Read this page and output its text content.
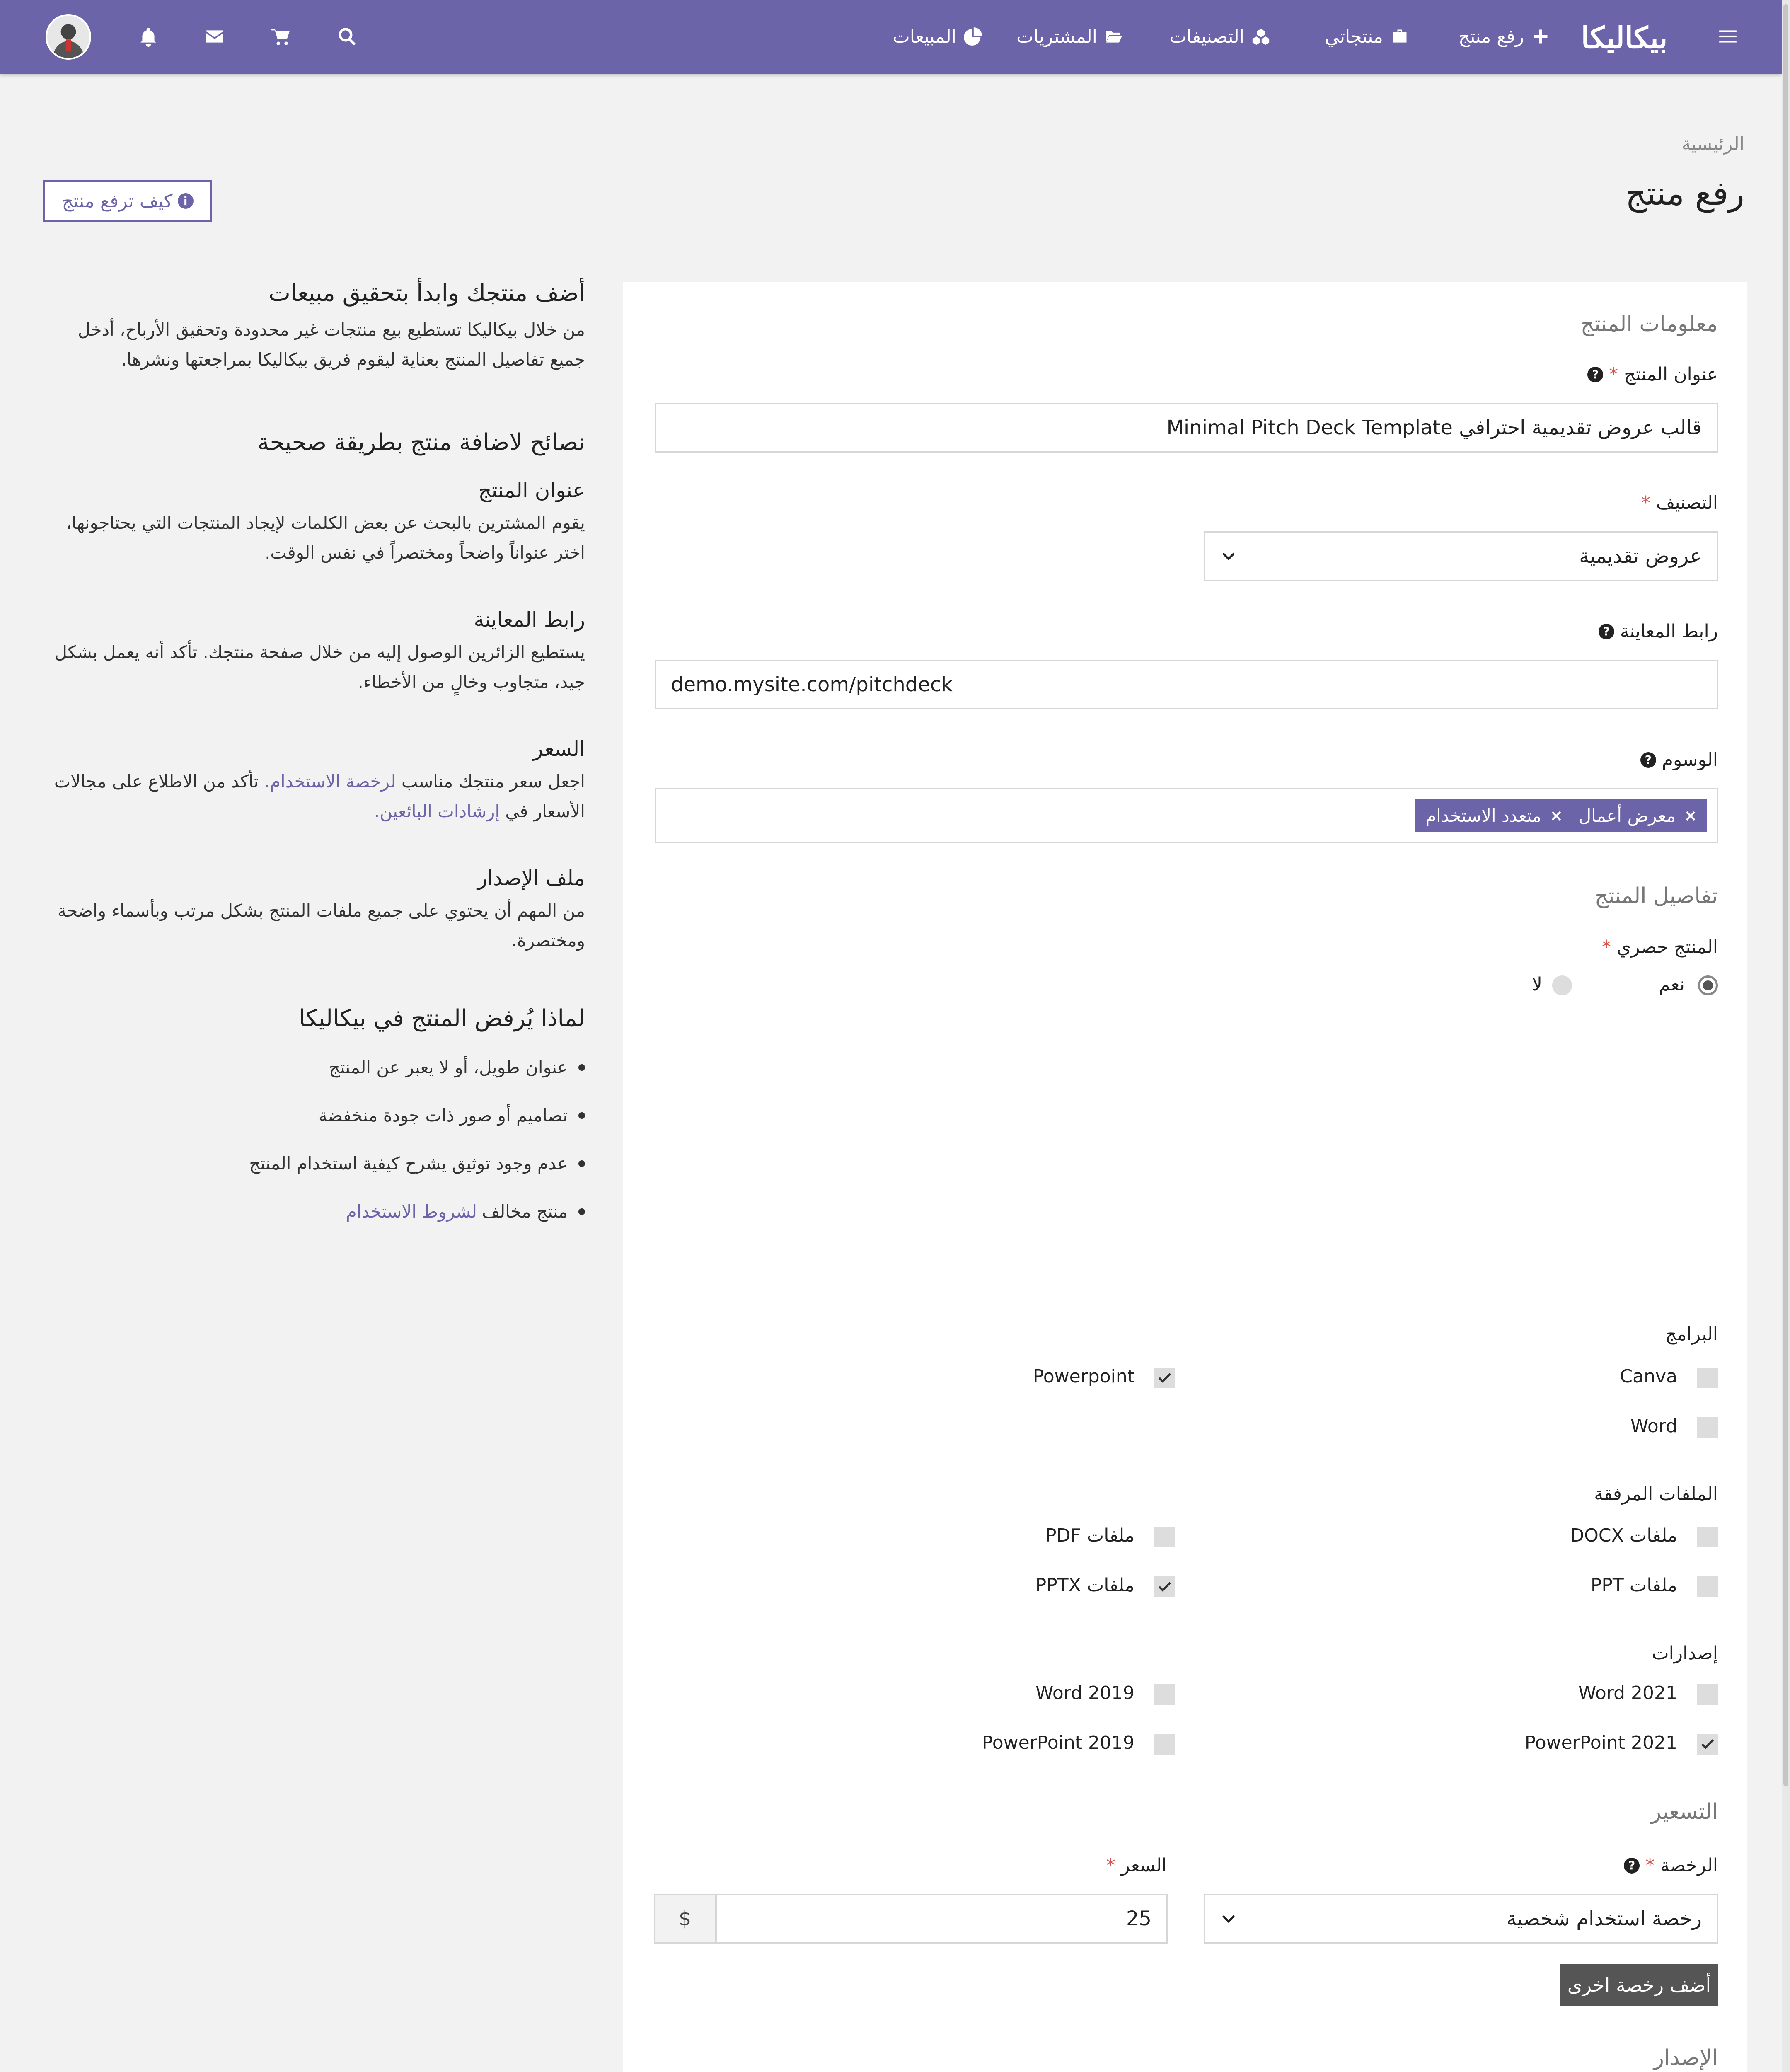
بيكاليكا
رفع منتج
منتجاتي
التصنيفات
المشتريات
المبيعات
الرئيسية
رفع منتج
i
كيف ترفع منتج
معلومات المنتج
عنوان المنتج
*
?
قالب عروض تقديمية احترافي Minimal Pitch Deck Template
التصنيف
*
عروض تقديمية
رابط المعاينة
?
demo.mysite.com/pitchdeck
الوسوم
?
×
معرض أعمال
×
متعدد الاستخدام
تفاصيل المنتج
المنتج حصري
*
نعم
لا
البرامج
Canva
Powerpoint
Word
الملفات المرفقة
ملفات DOCX
ملفات PDF
ملفات PPT
ملفات PPTX
إصدارات
Word 2021
Word 2019
PowerPoint 2021
PowerPoint 2019
التسعير
الرخصة
*
?
رخصة استخدام شخصية
السعر
*
25
$
أضف رخصة اخرى
الإصدار
أضف منتجك وابدأ بتحقيق مبيعات

من خلال بيكاليكا تستطيع بيع منتجات غير محدودة وتحقيق الأرباح، أدخل جميع تفاصيل المنتج بعناية ليقوم فريق بيكاليكا بمراجعتها ونشرها.

نصائح لاضافة منتج بطريقة صحيحة
عنوان المنتج

يقوم المشترين بالبحث عن بعض الكلمات لإيجاد المنتجات التي يحتاجونها، اختر عنواناً واضحاً ومختصراً في نفس الوقت.

رابط المعاينة

يستطيع الزائرين الوصول إليه من خلال صفحة منتجك. تأكد أنه يعمل بشكل جيد، متجاوب وخالٍ من الأخطاء.

السعر

اجعل سعر منتجك مناسب لرخصة الاستخدام. تأكد من الاطلاع على مجالات الأسعار في إرشادات البائعين.

ملف الإصدار

من المهم أن يحتوي على جميع ملفات المنتج بشكل مرتب وبأسماء واضحة ومختصرة.

لماذا يُرفض المنتج في بيكاليكا
عنوان طويل، أو لا يعبر عن المنتج
تصاميم أو صور ذات جودة منخفضة
عدم وجود توثيق يشرح كيفية استخدام المنتج
منتج مخالف
لشروط الاستخدام
